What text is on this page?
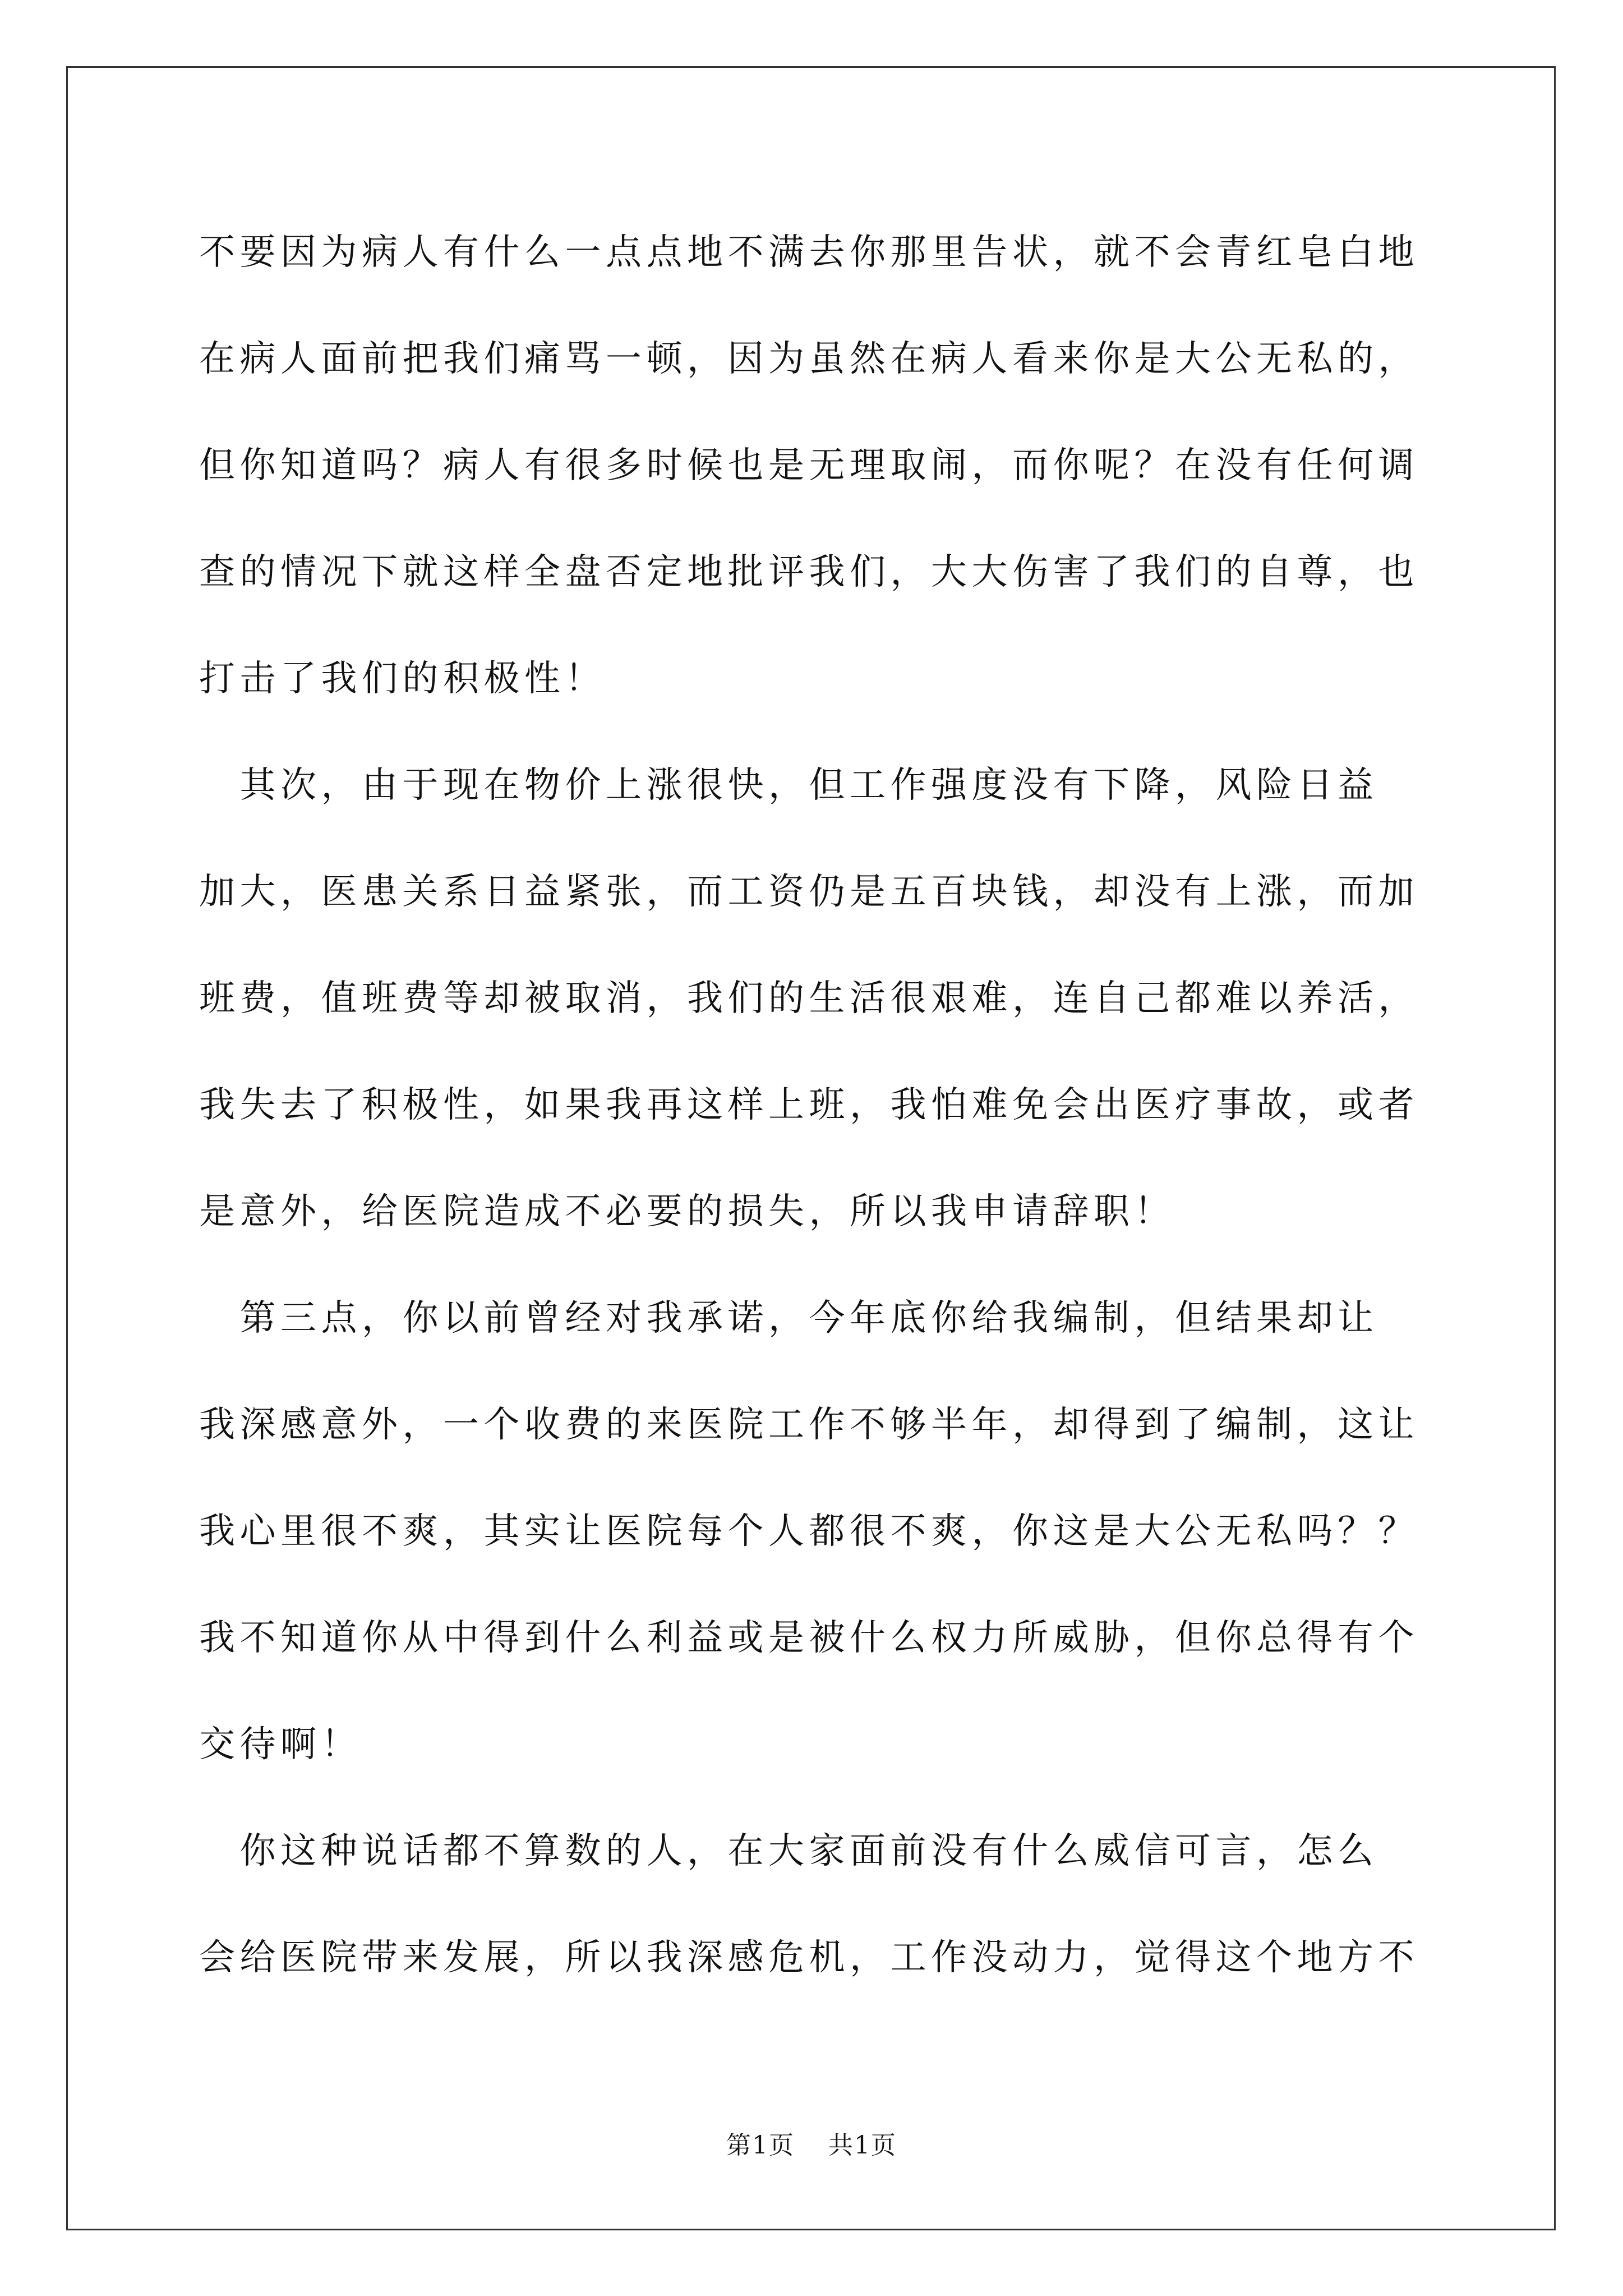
不要因为病人有什么一点点地不满去你那里告状，就不会青红皂白地
在病人面前把我们痛骂一顿，因为虽然在病人看来你是大公无私的，
但你知道吗？病人有很多时候也是无理取闹，而你呢？在没有任何调
查的情况下就这样全盘否定地批评我们，大大伤害了我们的自尊，也
打击了我们的积极性！
　其次，由于现在物价上涨很快，但工作强度没有下降，风险日益
加大，医患关系日益紧张，而工资仍是五百块钱，却没有上涨，而加
班费，值班费等却被取消，我们的生活很艰难，连自己都难以养活，
我失去了积极性，如果我再这样上班，我怕难免会出医疗事故，或者
是意外，给医院造成不必要的损失，所以我申请辞职！
　第三点，你以前曾经对我承诺，今年底你给我编制，但结果却让
我深感意外，一个收费的来医院工作不够半年，却得到了编制，这让
我心里很不爽，其实让医院每个人都很不爽，你这是大公无私吗？？
我不知道你从中得到什么利益或是被什么权力所威胁，但你总得有个
交待啊！
　你这种说话都不算数的人，在大家面前没有什么威信可言，怎么
会给医院带来发展，所以我深感危机，工作没动力，觉得这个地方不
第1页 共1页
